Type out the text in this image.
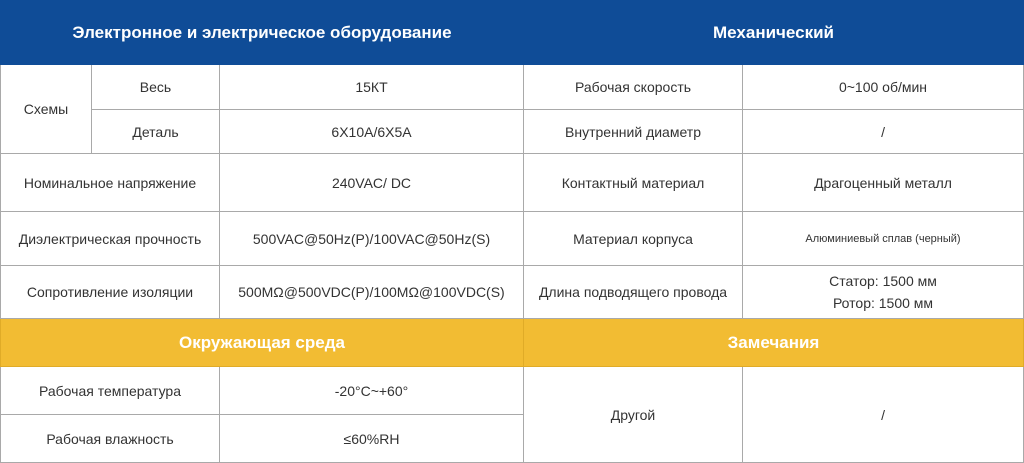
Электронное и электрическое оборудование			Механический	
Схемы	Весь	15КТ	Рабочая скорость	0~100 об/мин
	Деталь	6X10A/6X5A	Внутренний диаметр	/
Номинальное напряжение		240VAC/ DC	Контактный материал	Драгоценный металл
Диэлектрическая прочность		500VAC@50Hz(P)/100VAC@50Hz(S)	Материал корпуса	Алюминиевый сплав (черный)
Сопротивление изоляции		500MΩ@500VDC(P)/100MΩ@100VDC(S)	Длина подводящего провода	Статор: 1500 мм
Ротор: 1500 мм

Окружающая среда			Замечания	
Рабочая температура		-20°C~+60°	Другой	/
Рабочая влажность		≤60%RH		
